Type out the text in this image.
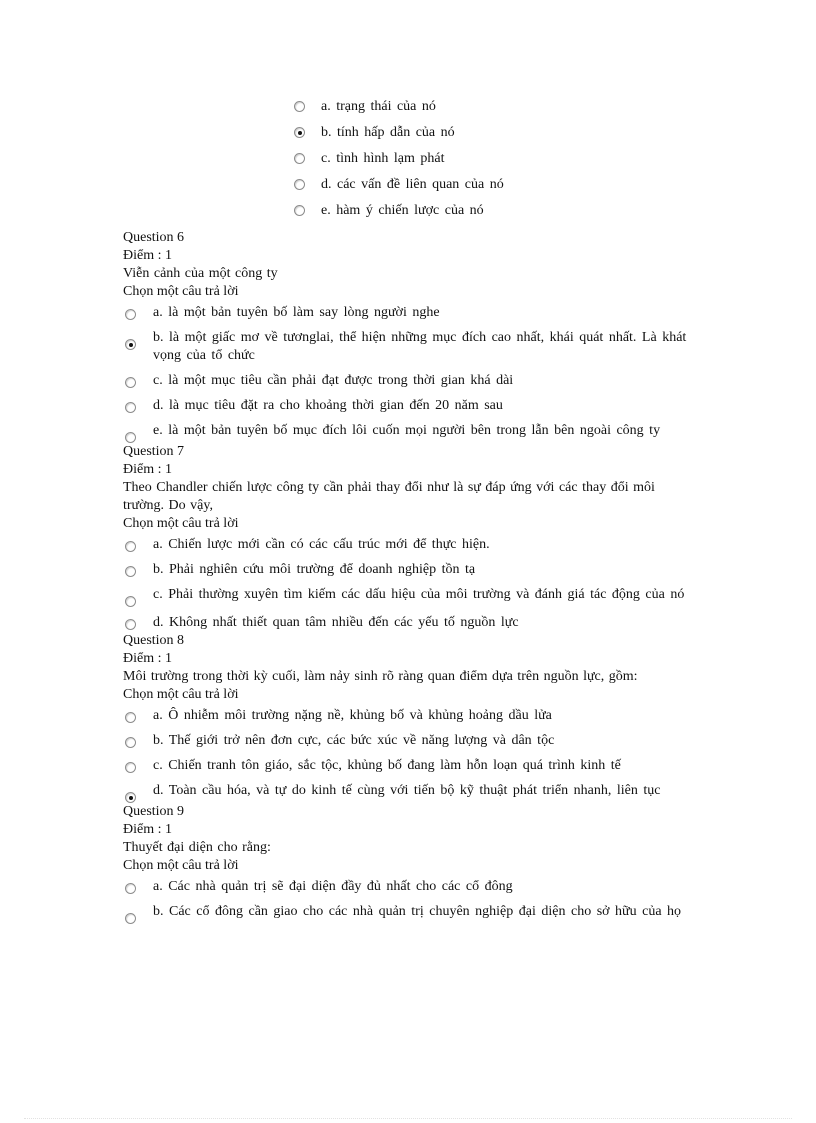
a. trạng thái của nó
b. tính hấp dẫn của nó
c. tình hình lạm phát
d. các vấn đề liên quan của nó
e. hàm ý chiến lược của nó
Question 6
Điểm : 1
Viễn cảnh của một công ty
Chọn một câu trả lời
a. là một bản tuyên bố làm say lòng người nghe
b. là một giấc mơ về tươnglai, thể hiện những mục đích cao nhất, khái quát nhất. Là khát vọng của tổ chức
c. là một mục tiêu cần phải đạt được trong thời gian khá dài
d. là mục tiêu đặt ra cho khoảng thời gian đến 20 năm sau
e. là một bản tuyên bố mục đích lôi cuốn mọi người bên trong lẫn bên ngoài công ty
Question 7
Điểm : 1
Theo Chandler chiến lược công ty cần phải thay đổi như là sự đáp ứng với các thay đổi môi trường. Do vậy,
Chọn một câu trả lời
a. Chiến lược mới cần có các cấu trúc mới để thực hiện.
b. Phải nghiên cứu môi trường để doanh nghiệp tồn tạ
c. Phải thường xuyên tìm kiếm các dấu hiệu của môi trường và đánh giá tác động của nó
d. Không nhất thiết quan tâm nhiều đến các yếu tố nguồn lực
Question 8
Điểm : 1
Môi trường trong thời kỳ cuối, làm nảy sinh rõ ràng quan điểm dựa trên nguồn lực, gồm:
Chọn một câu trả lời
a. Ô nhiễm môi trường nặng nề, khủng bố và khủng hoảng dầu lửa
b. Thế giới trở nên đơn cực, các bức xúc về năng lượng và dân tộc
c. Chiến tranh tôn giáo, sắc tộc, khủng bố đang làm hỗn loạn quá trình kinh tế
d. Toàn cầu hóa, và tự do kinh tế cùng với tiến bộ kỹ thuật phát triển nhanh, liên tục
Question 9
Điểm : 1
Thuyết đại diện cho rằng:
Chọn một câu trả lời
a. Các nhà quản trị sẽ đại diện đầy đủ nhất cho các cổ đông
b. Các cổ đông cần giao cho các nhà quản trị chuyên nghiệp đại diện cho sở hữu của họ
